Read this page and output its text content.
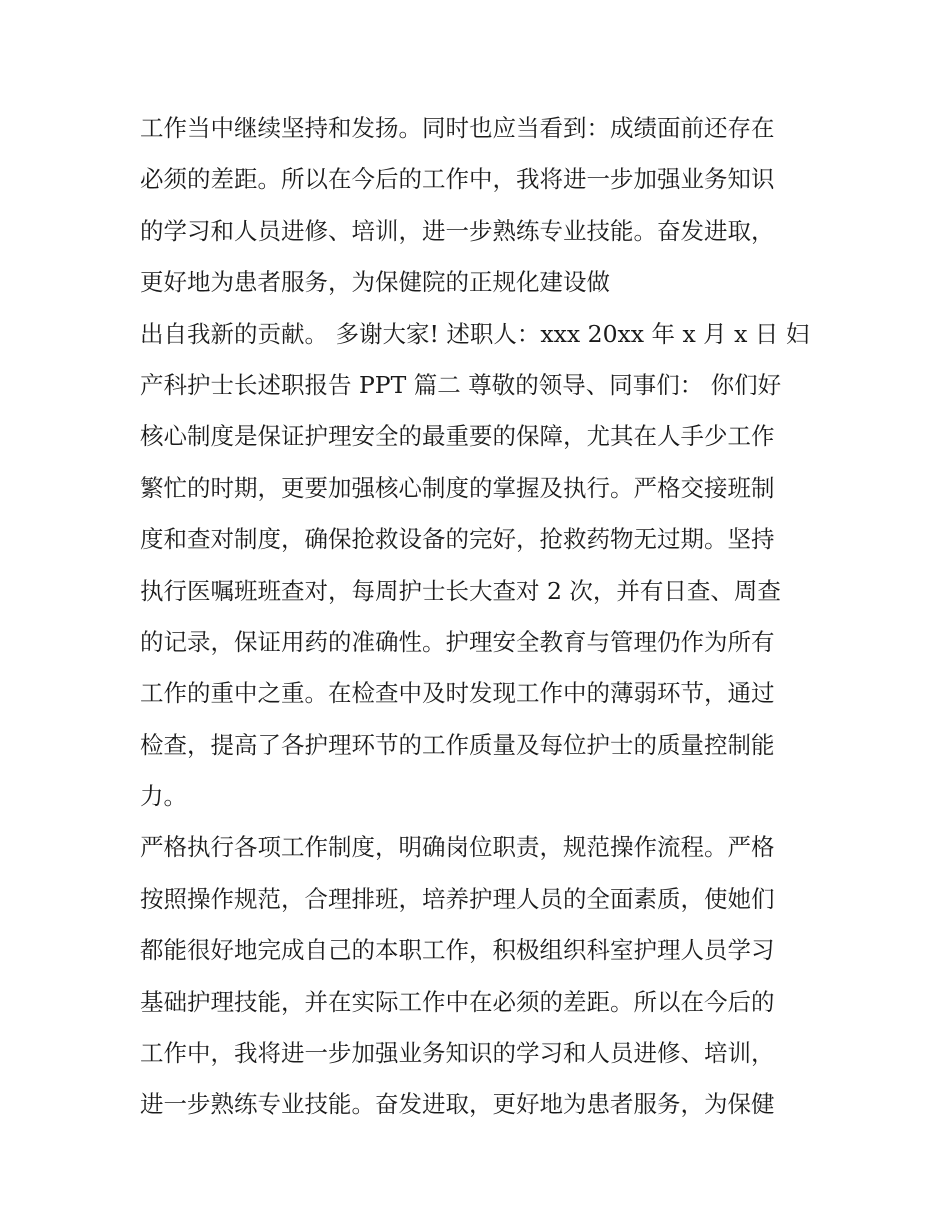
工作当中继续坚持和发扬。同时也应当看到：成绩面前还存在
必须的差距。所以在今后的工作中，我将进一步加强业务知识
的学习和人员进修、培训，进一步熟练专业技能。奋发进取，
更好地为患者服务，为保健院的正规化建设做
出自我新的贡献。 多谢大家! 述职人：xxx 20xx 年 x 月 x 日 妇
产科护士长述职报告 PPT 篇二 尊敬的领导、同事们： 你们好
核心制度是保证护理安全的最重要的保障，尤其在人手少工作
繁忙的时期，更要加强核心制度的掌握及执行。严格交接班制
度和查对制度，确保抢救设备的完好，抢救药物无过期。坚持
执行医嘱班班查对，每周护士长大查对 2 次，并有日查、周查
的记录，保证用药的准确性。护理安全教育与管理仍作为所有
工作的重中之重。在检查中及时发现工作中的薄弱环节，通过
检查，提高了各护理环节的工作质量及每位护士的质量控制能
力。
严格执行各项工作制度，明确岗位职责，规范操作流程。严格
按照操作规范，合理排班，培养护理人员的全面素质，使她们
都能很好地完成自己的本职工作，积极组织科室护理人员学习
基础护理技能，并在实际工作中在必须的差距。所以在今后的
工作中，我将进一步加强业务知识的学习和人员进修、培训，
进一步熟练专业技能。奋发进取，更好地为患者服务，为保健
